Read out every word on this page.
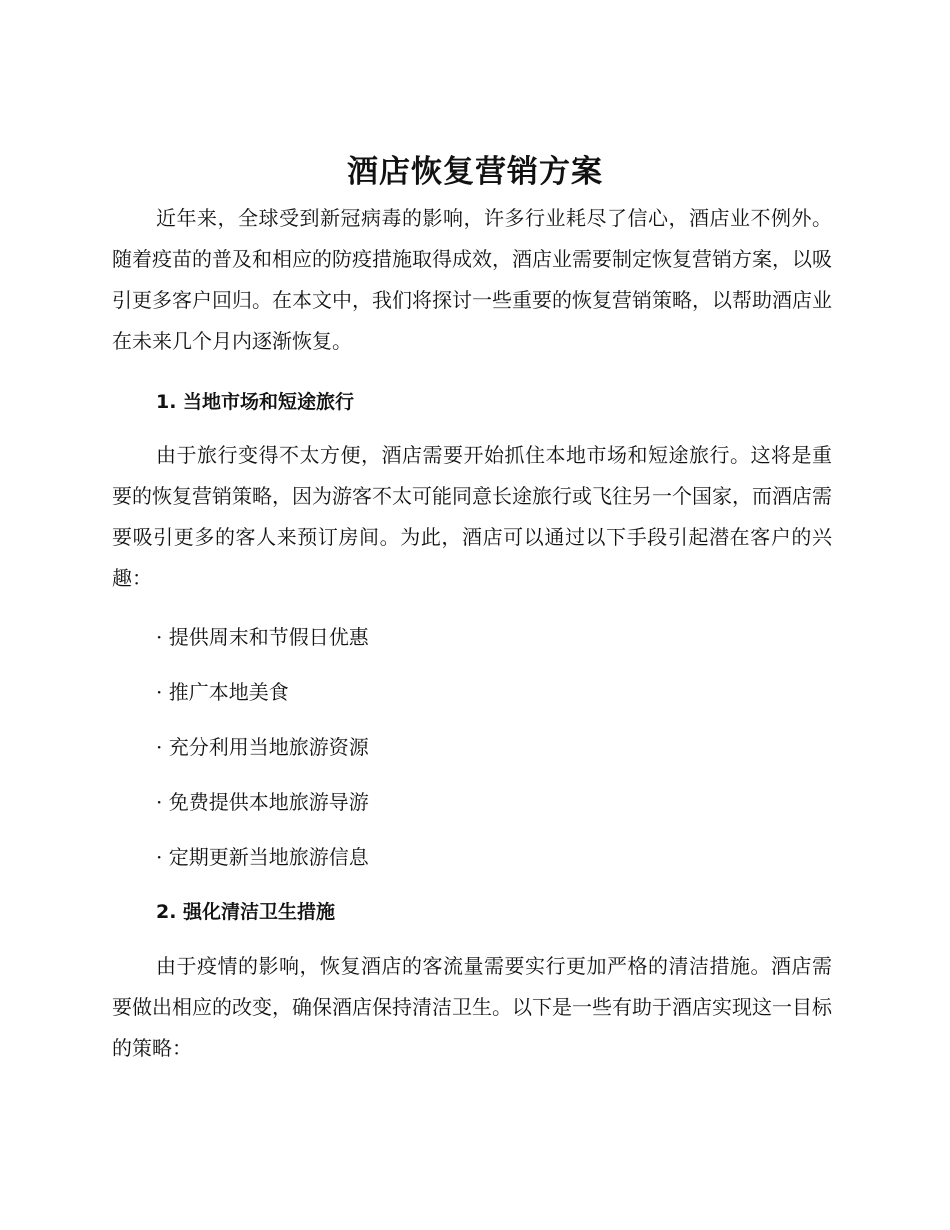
酒店恢复营销方案

近年来，全球受到新冠病毒的影响，许多行业耗尽了信心，酒店业不例外。随着疫苗的普及和相应的防疫措施取得成效，酒店业需要制定恢复营销方案，以吸引更多客户回归。在本文中，我们将探讨一些重要的恢复营销策略，以帮助酒店业在未来几个月内逐渐恢复。

1. 当地市场和短途旅行

由于旅行变得不太方便，酒店需要开始抓住本地市场和短途旅行。这将是重要的恢复营销策略，因为游客不太可能同意长途旅行或飞往另一个国家，而酒店需要吸引更多的客人来预订房间。为此，酒店可以通过以下手段引起潜在客户的兴趣：

· 提供周末和节假日优惠
· 推广本地美食
· 充分利用当地旅游资源
· 免费提供本地旅游导游
· 定期更新当地旅游信息
2. 强化清洁卫生措施

由于疫情的影响，恢复酒店的客流量需要实行更加严格的清洁措施。酒店需要做出相应的改变，确保酒店保持清洁卫生。以下是一些有助于酒店实现这一目标的策略：
